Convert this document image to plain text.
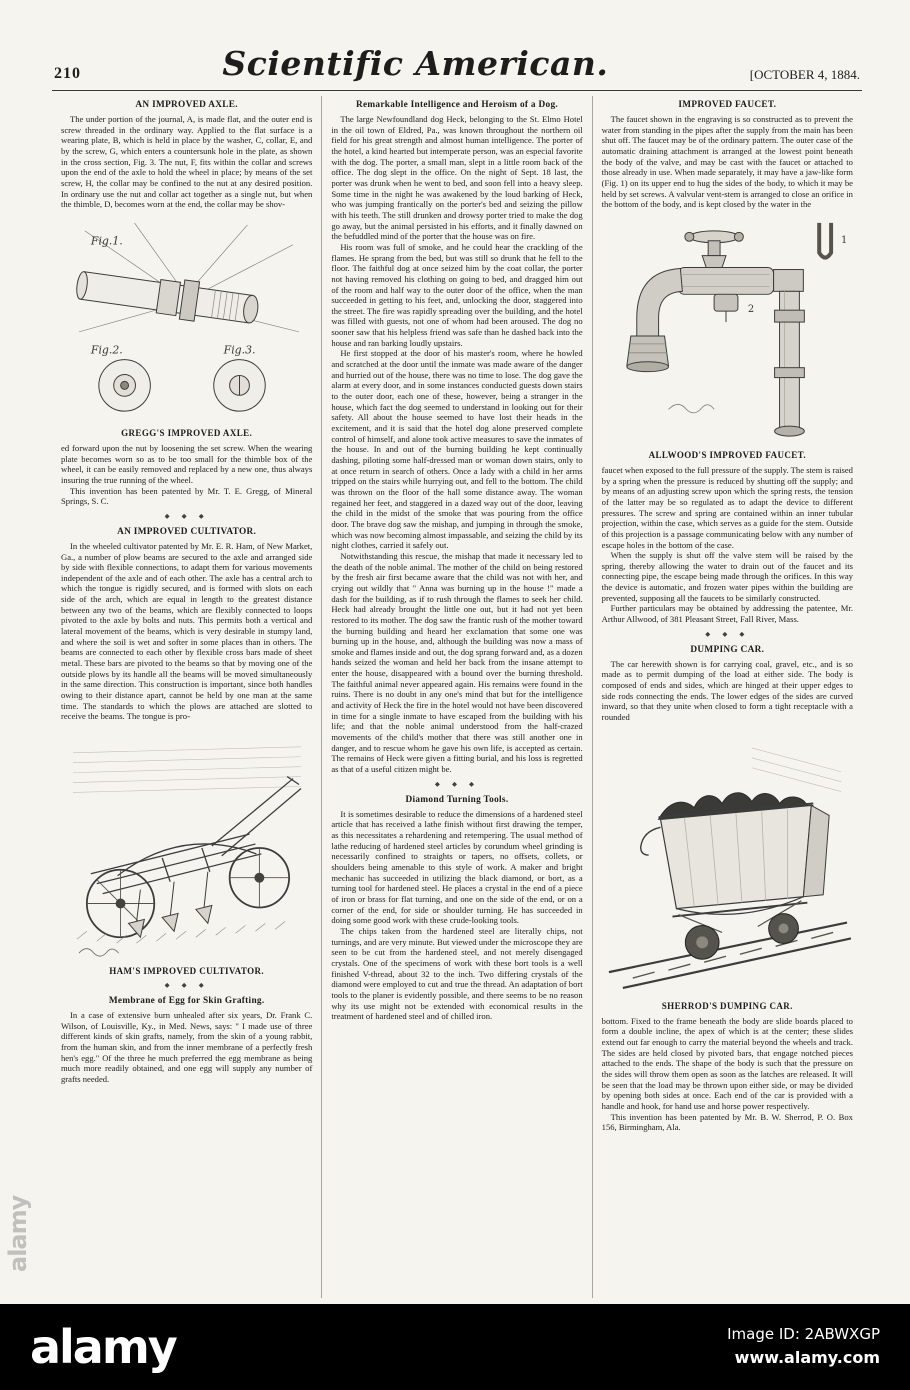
210	Scientific American.	[OCTOBER 4, 1884.
AN IMPROVED AXLE.

The under portion of the journal, A, is made flat, and the outer end is screw threaded in the ordinary way. Applied to the flat surface is a wearing plate, B, which is held in place by the washer, C, collar, E, and by the screw, G, which enters a countersunk hole in the plate, as shown in the cross section, Fig. 3. The nut, F, fits within the collar and screws upon the end of the axle to hold the wheel in place; by means of the set screw, H, the collar may be confined to the nut at any desired position. In ordinary use the nut and collar act together as a single nut, but when the thimble, D, becomes worn at the end, the collar may be shov-

Fig.1.
Fig.2.	Fig.3.
GREGG'S IMPROVED AXLE.

ed forward upon the nut by loosening the set screw. When the wearing plate becomes worn so as to be too small for the thimble box of the wheel, it can be easily removed and replaced by a new one, thus always insuring the true running of the wheel.

This invention has been patented by Mr. T. E. Gregg, of Mineral Springs, S. C.

◆ ◆ ◆
AN IMPROVED CULTIVATOR.

In the wheeled cultivator patented by Mr. E. R. Ham, of New Market, Ga., a number of plow beams are secured to the axle and arranged side by side with flexible connections, to adapt them for various movements independent of the axle and of each other. The axle has a central arch to which the tongue is rigidly secured, and is formed with slots on each side of the arch, which are equal in length to the greatest distance between any two of the beams, which are flexibly connected to loops pivoted to the axle by bolts and nuts. This permits both a vertical and lateral movement of the beams, which is very desirable in stumpy land, and where the soil is wet and softer in some places than in others. The beams are connected to each other by flexible cross bars made of sheet metal. These bars are pivoted to the beams so that by moving one of the outside plows by its handle all the beams will be moved simultaneously in the same direction. This construction is important, since both handles owing to their distance apart, cannot be held by one man at the same time. The standards to which the plows are attached are slotted to receive the beams. The tongue is pro-

HAM'S IMPROVED CULTIVATOR.
◆ ◆ ◆
Membrane of Egg for Skin Grafting.

In a case of extensive burn unhealed after six years, Dr. Frank C. Wilson, of Louisville, Ky., in Med. News, says: " I made use of three different kinds of skin grafts, namely, from the skin of a young rabbit, from the human skin, and from the inner membrane of a perfectly fresh hen's egg." Of the three he much preferred the egg membrane as being much more readily obtained, and one egg will supply any number of grafts needed.

Remarkable Intelligence and Heroism of a Dog.

The large Newfoundland dog Heck, belonging to the St. Elmo Hotel in the oil town of Eldred, Pa., was known throughout the northern oil field for his great strength and almost human intelligence. The porter of the hotel, a kind hearted but intemperate person, was an especial favorite with the dog. The porter, a small man, slept in a little room back of the office. The dog slept in the office. On the night of Sept. 18 last, the porter was drunk when he went to bed, and soon fell into a heavy sleep. Some time in the night he was awakened by the loud barking of Heck, who was jumping frantically on the porter's bed and seizing the pillow with his teeth. The still drunken and drowsy porter tried to make the dog go away, but the animal persisted in his efforts, and it finally dawned on the befuddled mind of the porter that the house was on fire.

His room was full of smoke, and he could hear the crackling of the flames. He sprang from the bed, but was still so drunk that he fell to the floor. The faithful dog at once seized him by the coat collar, the porter not having removed his clothing on going to bed, and dragged him out of the room and half way to the outer door of the office, when the man succeeded in getting to his feet, and, unlocking the door, staggered into the street. The fire was rapidly spreading over the building, and the hotel was filled with guests, not one of whom had been aroused. The dog no sooner saw that his helpless friend was safe than he dashed back into the house and ran barking loudly upstairs.

He first stopped at the door of his master's room, where he howled and scratched at the door until the inmate was made aware of the danger and hurried out of the house, there was no time to lose. The dog gave the alarm at every door, and in some instances conducted guests down stairs to the outer door, each one of these, however, being a stranger in the house, which fact the dog seemed to understand in looking out for their safety. All about the house seemed to have lost their heads in the excitement, and it is said that the hotel dog alone preserved complete control of himself, and alone took active measures to save the inmates of the house. In and out of the burning building he kept continually dashing, piloting some half-dressed man or woman down stairs, only to at once return in search of others. Once a lady with a child in her arms tripped on the stairs while hurrying out, and fell to the bottom. The child was thrown on the floor of the hall some distance away. The woman regained her feet, and staggered in a dazed way out of the door, leaving the child in the midst of the smoke that was pouring from the office door. The brave dog saw the mishap, and jumping in through the smoke, which was now becoming almost impassable, and seizing the child by its night clothes, carried it safely out.

Notwithstanding this rescue, the mishap that made it necessary led to the death of the noble animal. The mother of the child on being restored by the fresh air first became aware that the child was not with her, and crying out wildly that " Anna was burning up in the house !" made a dash for the building, as if to rush through the flames to seek her child. Heck had already brought the little one out, but it had not yet been restored to its mother. The dog saw the frantic rush of the mother toward the burning building and heard her exclamation that some one was burning up in the house, and, although the building was now a mass of smoke and flames inside and out, the dog sprang forward and, as a dozen hands seized the woman and held her back from the insane attempt to enter the house, disappeared with a bound over the burning threshold. The faithful animal never appeared again. His remains were found in the ruins. There is no doubt in any one's mind that but for the intelligence and activity of Heck the fire in the hotel would not have been discovered in time for a single inmate to have escaped from the building with his life; and that the noble animal understood from the half-crazed movements of the child's mother that there was still another one in danger, and to rescue whom he gave his own life, is accepted as certain. The remains of Heck were given a fitting burial, and his loss is regretted as that of a useful citizen might be.

◆ ◆ ◆
Diamond Turning Tools.

It is sometimes desirable to reduce the dimensions of a hardened steel article that has received a lathe finish without first drawing the temper, as this necessitates a rehardening and retempering. The usual method of lathe reducing of hardened steel articles by corundum wheel grinding is necessarily confined to straights or tapers, no offsets, collets, or shoulders being amenable to this style of work. A maker and bright mechanic has succeeded in utilizing the black diamond, or bort, as a turning tool for hardened steel. He places a crystal in the end of a piece of iron or brass for flat turning, and one on the side of the end, or on a corner of the end, for side or shoulder turning. He has succeeded in doing some good work with these crude-looking tools.

The chips taken from the hardened steel are literally chips, not turnings, and are very minute. But viewed under the microscope they are seen to be cut from the hardened steel, and not merely disengaged crystals. One of the specimens of work with these bort tools is a well finished V-thread, about 32 to the inch. Two differing crystals of the diamond were employed to cut and true the thread. An adaptation of bort tools to the planer is evidently possible, and there seems to be no reason why its use might not be extended with economical results in the treatment of hardened steel and of chilled iron.

IMPROVED FAUCET.

The faucet shown in the engraving is so constructed as to prevent the water from standing in the pipes after the supply from the main has been shut off. The faucet may be of the ordinary pattern. The outer case of the automatic draining attachment is arranged at the lowest point beneath the body of the valve, and may be cast with the faucet or attached to those already in use. When made separately, it may have a jaw-like form (Fig. 1) on its upper end to hug the sides of the body, to which it may be held by set screws. A valvular vent-stem is arranged to close an orifice in the bottom of the body, and is kept closed by the water in the

1
2
ALLWOOD'S IMPROVED FAUCET.

faucet when exposed to the full pressure of the supply. The stem is raised by a spring when the pressure is reduced by shutting off the supply; and by means of an adjusting screw upon which the spring rests, the tension of the latter may be so regulated as to adapt the device to different pressures. The screw and spring are contained within an inner tubular projection, within the case, which serves as a guide for the stem. Outside of this projection is a passage communicating below with any number of escape holes in the bottom of the case.

When the supply is shut off the valve stem will be raised by the spring, thereby allowing the water to drain out of the faucet and its connecting pipe, the escape being made through the orifices. In this way the device is automatic, and frozen water pipes within the building are prevented, supposing all the faucets to be similarly constructed.

Further particulars may be obtained by addressing the patentee, Mr. Arthur Allwood, of 381 Pleasant Street, Fall River, Mass.

◆ ◆ ◆
DUMPING CAR.

The car herewith shown is for carrying coal, gravel, etc., and is so made as to permit dumping of the load at either side. The body is composed of ends and sides, which are hinged at their upper edges to side rods connecting the ends. The lower edges of the sides are curved inward, so that they unite when closed to form a tight receptacle with a rounded

SHERROD'S DUMPING CAR.

bottom. Fixed to the frame beneath the body are slide boards placed to form a double incline, the apex of which is at the center; these slides extend out far enough to carry the material beyond the wheels and track. The sides are held closed by pivoted bars, that engage notched pieces attached to the ends. The shape of the body is such that the pressure on the sides will throw them open as soon as the latches are released. It will be seen that the load may be thrown upon either side, or may be divided by opening both sides at once. Each end of the car is provided with a handle and hook, for hand use and horse power respectively.

This invention has been patented by Mr. B. W. Sherrod, P. O. Box 156, Birmingham, Ala.

alamy
alamy	Image ID: 2ABWXGP
www.alamy.com
